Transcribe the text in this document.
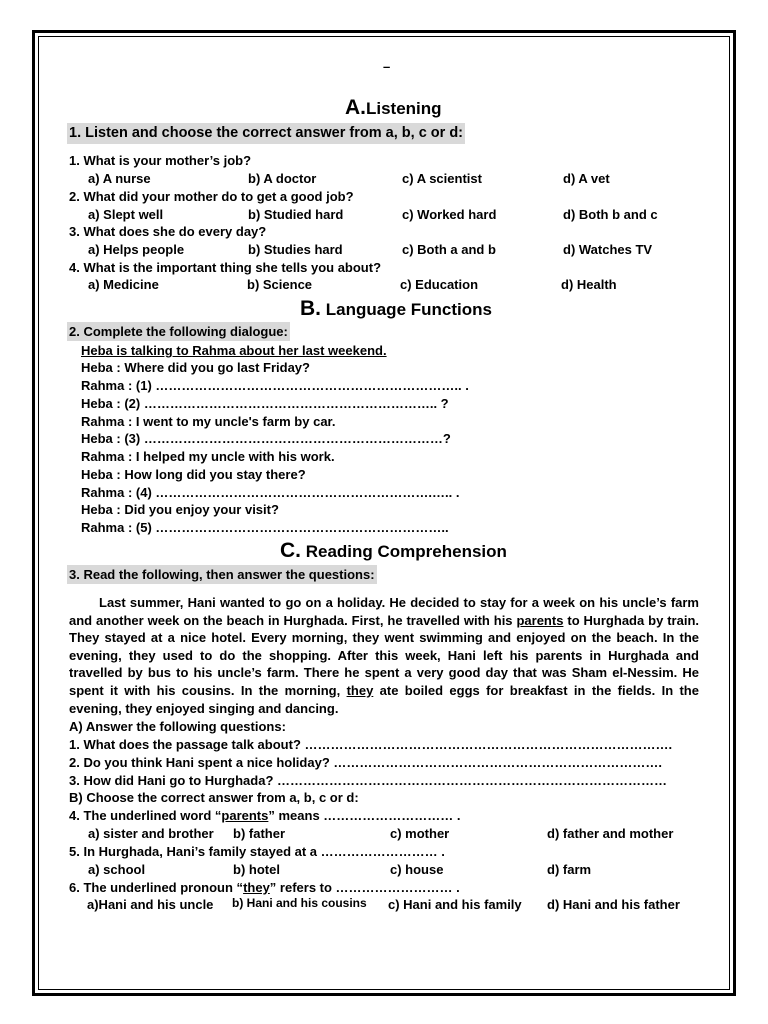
–
A.Listening
1. Listen and choose the correct answer from a, b, c or d:
1. What is your mother’s job?
a) A nurse	b) A doctor	c) A scientist	d) A vet
2. What did your mother do to get a good job?
a) Slept well	b) Studied hard	c) Worked hard	d) Both b and c
3. What does she do every day?
a) Helps people	b) Studies hard	c) Both a and b	d) Watches TV
4. What is the important thing she tells you about?
a) Medicine	b) Science	c) Education	d) Health
B. Language Functions
2. Complete the following dialogue:
Heba is talking to Rahma about her last weekend.
Heba : Where did you go last Friday?
Rahma : (1) …………………………………………………………….. .
Heba : (2) ………………………………………………………….. ?
Rahma : I went to my uncle's farm by car.
Heba : (3) ……………………………………………………………?
Rahma : I helped my uncle with his work.
Heba : How long did you stay there?
Rahma : (4) ……………………………………………………….….. .
Heba : Did you enjoy your visit?
Rahma : (5) …………………………………………………………..
C. Reading Comprehension
3. Read the following, then answer the questions:
Last summer, Hani wanted to go on a holiday. He decided to stay for a week on his uncle’s farm and another week on the beach in Hurghada. First, he travelled with his parents to Hurghada by train. They stayed at a nice hotel. Every morning, they went swimming and enjoyed on the beach. In the evening, they used to do the shopping. After this week, Hani left his parents in Hurghada and travelled by bus to his uncle’s farm. There he spent a very good day that was Sham el-Nessim. He spent it with his cousins. In the morning, they ate boiled eggs for breakfast in the fields. In the evening, they enjoyed singing and dancing.
A) Answer the following questions:
1. What does the passage talk about? ………………………………………………………………………….
2. Do you think Hani spent a nice holiday? ………………………………………………………………….
3. How did Hani go to Hurghada? ………………………………………………………………………………
B) Choose the correct answer from a, b, c or d:
4. The underlined word “parents” means ………………………… .
a) sister and brother b) father	c) mother	d) father and mother
5. In Hurghada, Hani’s family stayed at a ……………………… .
a) school	b) hotel	c) house	d) farm
6. The underlined pronoun “they” refers to ……………………… .
a)Hani and his uncle b) Hani and his cousins c) Hani and his family d) Hani and his father
